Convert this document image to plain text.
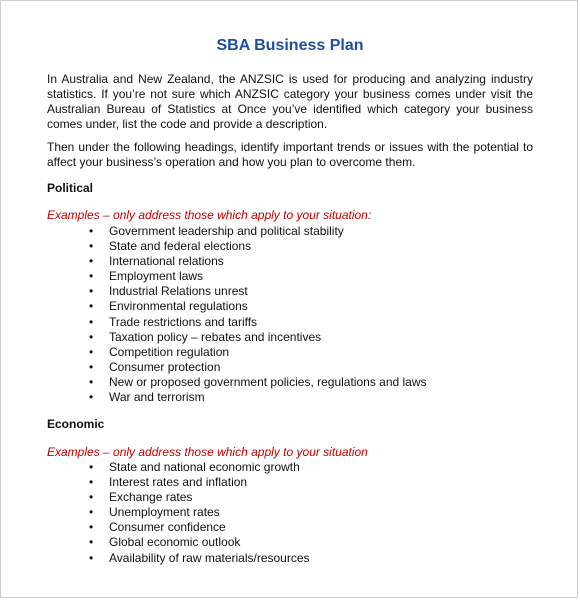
SBA Business Plan
In Australia and New Zealand, the ANZSIC is used for producing and analyzing industry statistics. If you’re not sure which ANZSIC category your business comes under visit the Australian Bureau of Statistics at Once you’ve identified which category your business comes under, list the code and provide a description.
Then under the following headings, identify important trends or issues with the potential to affect your business’s operation and how you plan to overcome them.
Political
Examples – only address those which apply to your situation:
• Government leadership and political stability
• State and federal elections
• International relations
• Employment laws
• Industrial Relations unrest
• Environmental regulations
• Trade restrictions and tariffs
• Taxation policy – rebates and incentives
• Competition regulation
• Consumer protection
• New or proposed government policies, regulations and laws
• War and terrorism
Economic
Examples – only address those which apply to your situation
• State and national economic growth
• Interest rates and inflation
• Exchange rates
• Unemployment rates
• Consumer confidence
• Global economic outlook
• Availability of raw materials/resources
